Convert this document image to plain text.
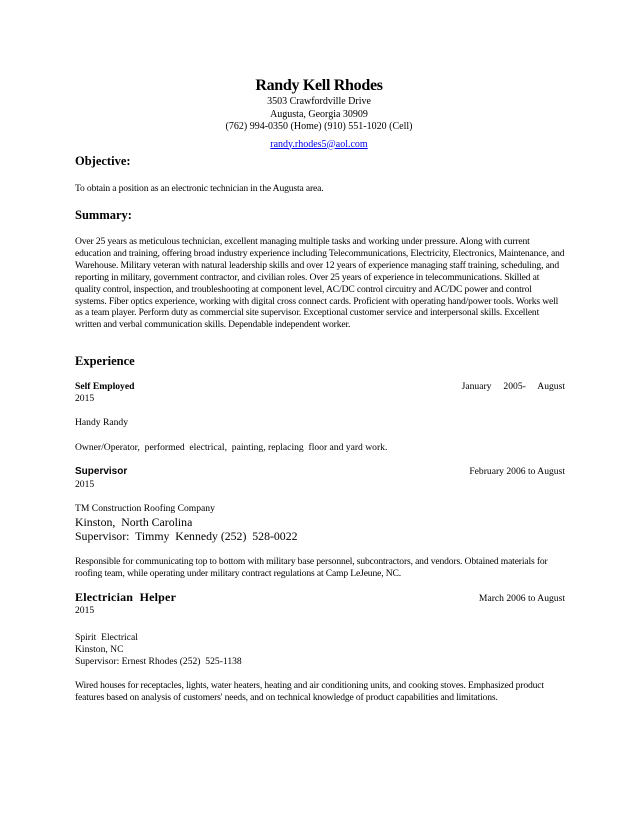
Randy Kell Rhodes
3503 Crawfordville Drive
Augusta, Georgia 30909
(762) 994-0350 (Home) (910) 551-1020 (Cell)
randy.rhodes5@aol.com
Objective:
To obtain a position as an electronic technician in the Augusta area.
Summary:
Over 25 years as meticulous technician, excellent managing multiple tasks and working under pressure. Along with current education and training, offering broad industry experience including Telecommunications, Electricity, Electronics, Maintenance, and Warehouse. Military veteran with natural leadership skills and over 12 years of experience managing staff training, scheduling, and reporting in military, government contractor, and civilian roles. Over 25 years of experience in telecommunications. Skilled at quality control, inspection, and troubleshooting at component level, AC/DC control circuitry and AC/DC power and control systems. Fiber optics experience, working with digital cross connect cards. Proficient with operating hand/power tools. Works well as a team player. Perform duty as commercial site supervisor. Exceptional customer service and interpersonal skills. Excellent written and verbal communication skills. Dependable independent worker.
Experience
Self Employed	January     2005-     August
2015
Handy Randy
Owner/Operator,  performed  electrical,  painting, replacing  floor and yard work.
Supervisor	February 2006 to August
2015
TM Construction Roofing Company
Kinston,  North Carolina
Supervisor:  Timmy  Kennedy (252)  528-0022
Responsible for communicating top to bottom with military base personnel, subcontractors, and vendors. Obtained materials for roofing team, while operating under military contract regulations at Camp LeJeune, NC.
Electrician  Helper	March 2006 to August
2015
Spirit  Electrical
Kinston, NC
Supervisor: Ernest Rhodes (252)  525-1138
Wired houses for receptacles, lights, water heaters, heating and air conditioning units, and cooking stoves. Emphasized product features based on analysis of customers' needs, and on technical knowledge of product capabilities and limitations.
